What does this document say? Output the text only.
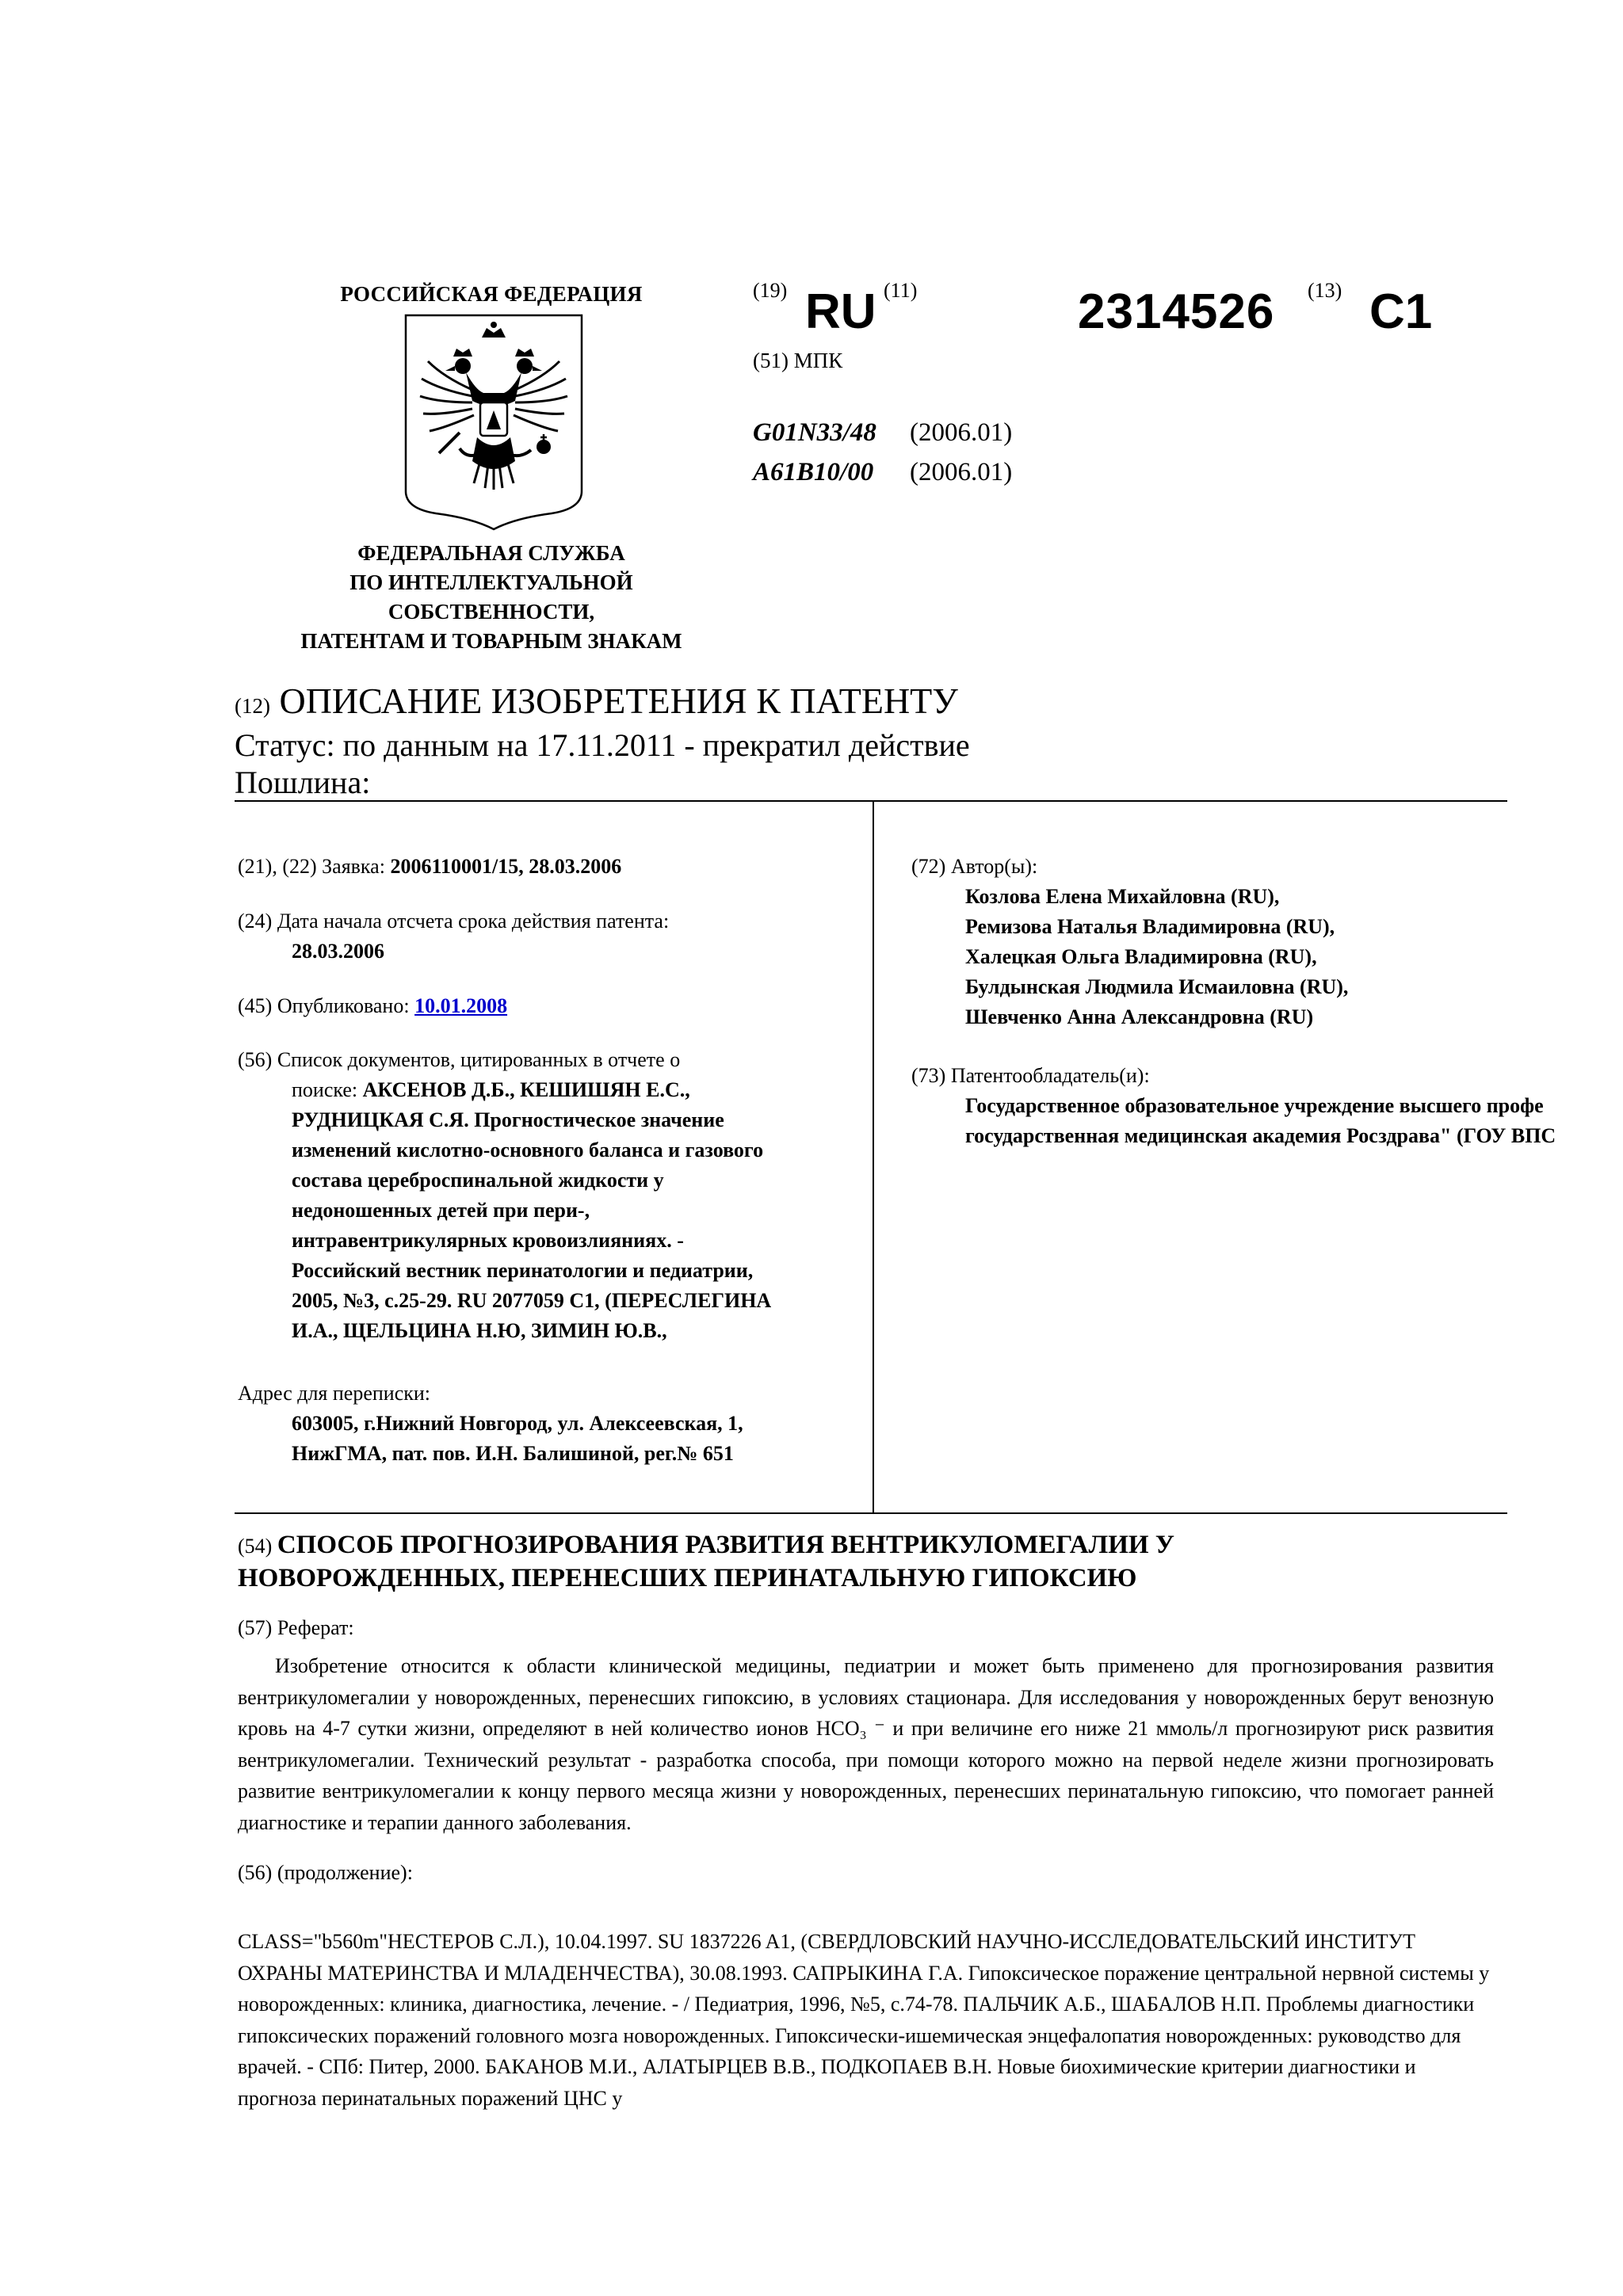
РОССИЙСКАЯ ФЕДЕРАЦИЯ
ФЕДЕРАЛЬНАЯ СЛУЖБА
ПО ИНТЕЛЛЕКТУАЛЬНОЙ
СОБСТВЕННОСТИ,
ПАТЕНТАМ И ТОВАРНЫМ ЗНАКАМ
(19) RU (11)	2314526 (13) C1
(51) МПК
G01N33/48 (2006.01)
A61B10/00 (2006.01)
(12) ОПИСАНИЕ ИЗОБРЕТЕНИЯ К ПАТЕНТУ
Статус: по данным на 17.11.2011 - прекратил действие
Пошлина:
(21), (22) Заявка: 2006110001/15, 28.03.2006
(24) Дата начала отсчета срока действия патента:
28.03.2006
(45) Опубликовано: 10.01.2008
(56) Список документов, цитированных в отчете о
поиске: АКСЕНОВ Д.Б., КЕШИШЯН Е.С.,
РУДНИЦКАЯ С.Я. Прогностическое значение
изменений кислотно-основного баланса и газового
состава цереброспинальной жидкости у
недоношенных детей при пери-,
интравентрикулярных кровоизлияниях. -
Российский вестник перинатологии и педиатрии,
2005, №3, с.25-29. RU 2077059 C1, (ПЕРЕСЛЕГИНА
И.А., ЩЕЛЬЦИНА Н.Ю, ЗИМИН Ю.В.,
Адрес для переписки:
603005, г.Нижний Новгород, ул. Алексеевская, 1,
НижГМА, пат. пов. И.Н. Балишиной, рег.№ 651
(72) Автор(ы):
Козлова Елена Михайловна (RU),
Ремизова Наталья Владимировна (RU),
Халецкая Ольга Владимировна (RU),
Булдынская Людмила Исмаиловна (RU),
Шевченко Анна Александровна (RU)
(73) Патентообладатель(и):
Государственное образовательное учреждение высшего профе
государственная медицинская академия Росздрава" (ГОУ ВПС
(54) СПОСОБ ПРОГНОЗИРОВАНИЯ РАЗВИТИЯ ВЕНТРИКУЛОМЕГАЛИИ У
НОВОРОЖДЕННЫХ, ПЕРЕНЕСШИХ ПЕРИНАТАЛЬНУЮ ГИПОКСИЮ
(57) Реферат:
Изобретение относится к области клинической медицины, педиатрии и может быть применено для прогнозирования развития вентрикуломегалии у новорожденных, перенесших гипоксию, в условиях стационара. Для исследования у новорожденных берут венозную кровь на 4-7 сутки жизни, определяют в ней количество ионов HCO₃ ⁻ и при величине его ниже 21 ммоль/л прогнозируют риск развития вентрикуломегалии. Технический результат - разработка способа, при помощи которого можно на первой неделе жизни прогнозировать развитие вентрикуломегалии к концу первого месяца жизни у новорожденных, перенесших перинатальную гипоксию, что помогает ранней диагностике и терапии данного заболевания.
(56) (продолжение):
CLASS="b560m"НЕСТЕРОВ С.Л.), 10.04.1997. SU 1837226 A1, (СВЕРДЛОВСКИЙ НАУЧНО-ИССЛЕДОВАТЕЛЬСКИЙ ИНСТИТУТ ОХРАНЫ МАТЕРИНСТВА И МЛАДЕНЧЕСТВА), 30.08.1993. САПРЫКИНА Г.А. Гипоксическое поражение центральной нервной системы у новорожденных: клиника, диагностика, лечение. - / Педиатрия, 1996, №5, с.74-78. ПАЛЬЧИК А.Б., ШАБАЛОВ Н.П. Проблемы диагностики гипоксических поражений головного мозга новорожденных. Гипоксически-ишемическая энцефалопатия новорожденных: руководство для врачей. - СПб: Питер, 2000. БАКАНОВ М.И., АЛАТЫРЦЕВ В.В., ПОДКОПАЕВ В.Н. Новые биохимические критерии диагностики и прогноза перинатальных поражений ЦНС у
